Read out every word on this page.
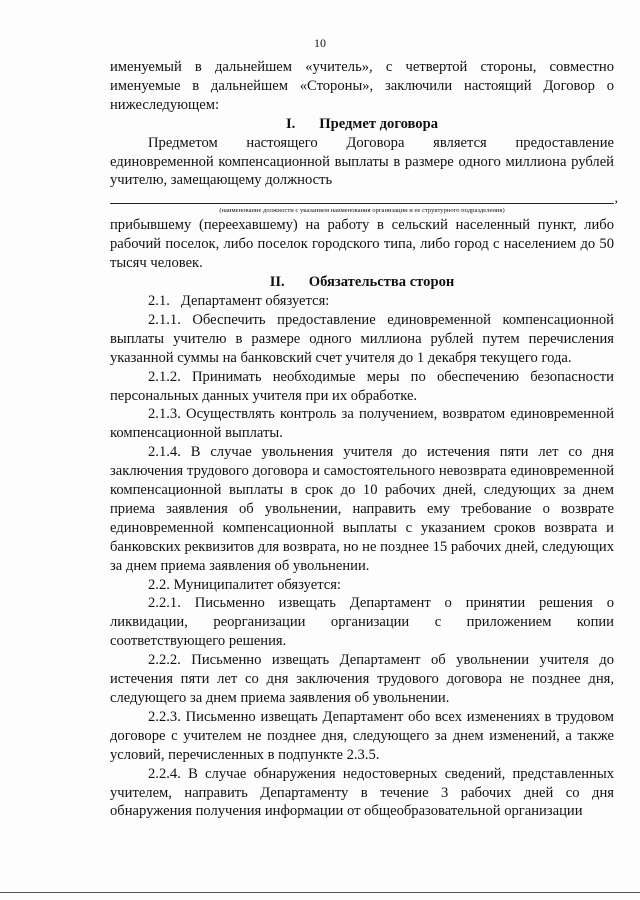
10

именуемый в дальнейшем «учитель», с четвертой стороны, совместно именуемые в дальнейшем «Стороны», заключили настоящий Договор о нижеследующем:

I. Предмет договора

Предметом настоящего Договора является предоставление единовременной компенсационной выплаты в размере одного миллиона рублей учителю, замещающему должность

,

(наименование должности с указанием наименования организации и ее структурного подразделения)

прибывшему (переехавшему) на работу в сельский населенный пункт, либо рабочий поселок, либо поселок городского типа, либо город с населением до 50 тысяч человек.

II. Обязательства сторон

2.1.   Департамент обязуется:

2.1.1. Обеспечить предоставление единовременной компенсационной выплаты учителю в размере одного миллиона рублей путем перечисления указанной суммы на банковский счет учителя до 1 декабря текущего года.

2.1.2. Принимать необходимые меры по обеспечению безопасности персональных данных учителя при их обработке.

2.1.3. Осуществлять контроль за получением, возвратом единовременной компенсационной выплаты.

2.1.4. В случае увольнения учителя до истечения пяти лет со дня заключения трудового договора и самостоятельного невозврата единовременной компенсационной выплаты в срок до 10 рабочих дней, следующих за днем приема заявления об увольнении, направить ему требование о возврате единовременной компенсационной выплаты с указанием сроков возврата и банковских реквизитов для возврата, но не позднее 15 рабочих дней, следующих за днем приема заявления об увольнении.

2.2. Муниципалитет обязуется:

2.2.1. Письменно извещать Департамент о принятии решения о ликвидации, реорганизации организации с приложением копии соответствующего решения.

2.2.2. Письменно извещать Департамент об увольнении учителя до истечения пяти лет со дня заключения трудового договора не позднее дня, следующего за днем приема заявления об увольнении.

2.2.3. Письменно извещать Департамент обо всех изменениях в трудовом договоре с учителем не позднее дня, следующего за днем изменений, а также условий, перечисленных в подпункте 2.3.5.

2.2.4. В случае обнаружения недостоверных сведений, представленных учителем, направить Департаменту в течение 3 рабочих дней со дня обнаружения получения информации от общеобразовательной организации
